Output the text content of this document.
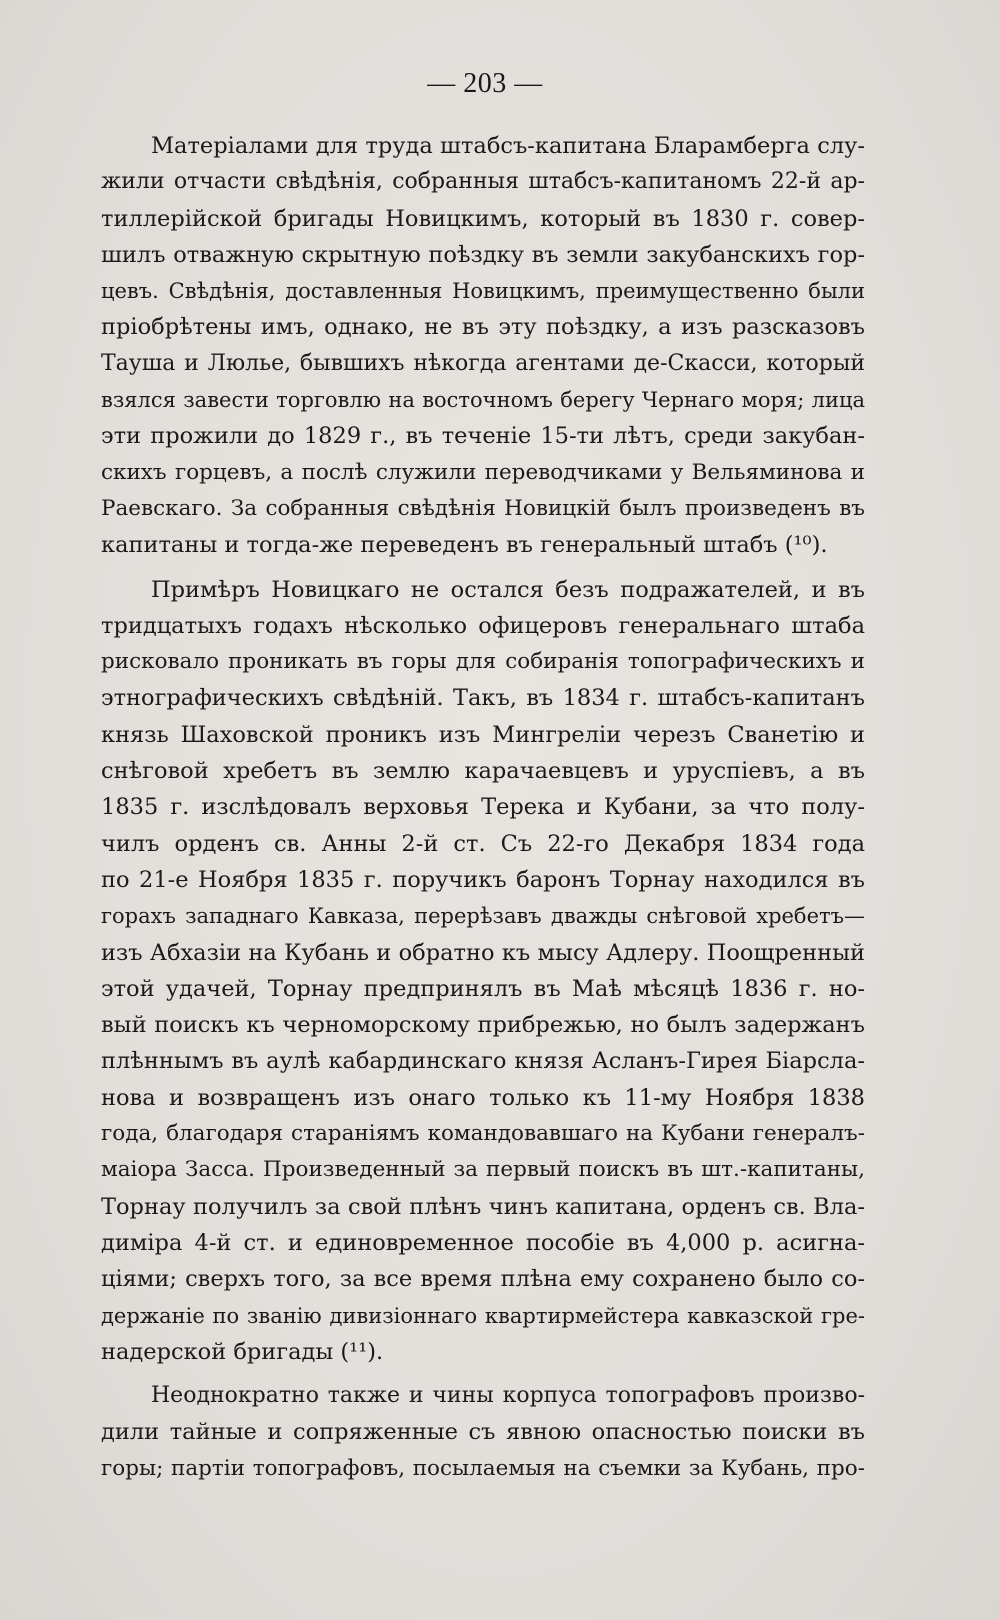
— 203 —
Матеріалами для труда штабсъ-капитана Бларамберга слу-
жили отчасти свѣдѣнія, собранныя штабсъ-капитаномъ 22-й ар-
тиллерійской бригады Новицкимъ, который въ 1830 г. совер-
шилъ отважную скрытную поѣздку въ земли закубанскихъ гор-
цевъ. Свѣдѣнія, доставленныя Новицкимъ, преимущественно были
пріобрѣтены имъ, однако, не въ эту поѣздку, а изъ разсказовъ
Тауша и Люлье, бывшихъ нѣкогда агентами де-Скасси, который
взялся завести торговлю на восточномъ берегу Чернаго моря; лица
эти прожили до 1829 г., въ теченіе 15-ти лѣтъ, среди закубан-
скихъ горцевъ, а послѣ служили переводчиками у Вельяминова и
Раевскаго. За собранныя свѣдѣнія Новицкій былъ произведенъ въ
капитаны и тогда-же переведенъ въ генеральный штабъ (¹⁰).
Примѣръ Новицкаго не остался безъ подражателей, и въ
тридцатыхъ годахъ нѣсколько офицеровъ генеральнаго штаба
рисковало проникать въ горы для собиранія топографическихъ и
этнографическихъ свѣдѣній. Такъ, въ 1834 г. штабсъ-капитанъ
князь Шаховской проникъ изъ Мингреліи черезъ Сванетію и
снѣговой хребетъ въ землю карачаевцевъ и уруспіевъ, а въ
1835 г. изслѣдовалъ верховья Терека и Кубани, за что полу-
чилъ орденъ св. Анны 2-й ст. Съ 22-го Декабря 1834 года
по 21-е Ноября 1835 г. поручикъ баронъ Торнау находился въ
горахъ западнаго Кавказа, перерѣзавъ дважды снѣговой хребетъ—
изъ Абхазіи на Кубань и обратно къ мысу Адлеру. Поощренный
этой удачей, Торнау предпринялъ въ Маѣ мѣсяцѣ 1836 г. но-
вый поискъ къ черноморскому прибрежью, но былъ задержанъ
плѣннымъ въ аулѣ кабардинскаго князя Асланъ-Гирея Біарсла-
нова и возвращенъ изъ онаго только къ 11-му Ноября 1838
года, благодаря стараніямъ командовавшаго на Кубани генералъ-
маіора Засса. Произведенный за первый поискъ въ шт.-капитаны,
Торнау получилъ за свой плѣнъ чинъ капитана, орденъ св. Вла-
диміра 4-й ст. и единовременное пособіе въ 4,000 р. асигна-
ціями; сверхъ того, за все время плѣна ему сохранено было со-
держаніе по званію дивизіоннаго квартирмейстера кавказской гре-
надерской бригады (¹¹).
Неоднократно также и чины корпуса топографовъ произво-
дили тайные и сопряженные съ явною опасностью поиски въ
горы; партіи топографовъ, посылаемыя на съемки за Кубань, про-
